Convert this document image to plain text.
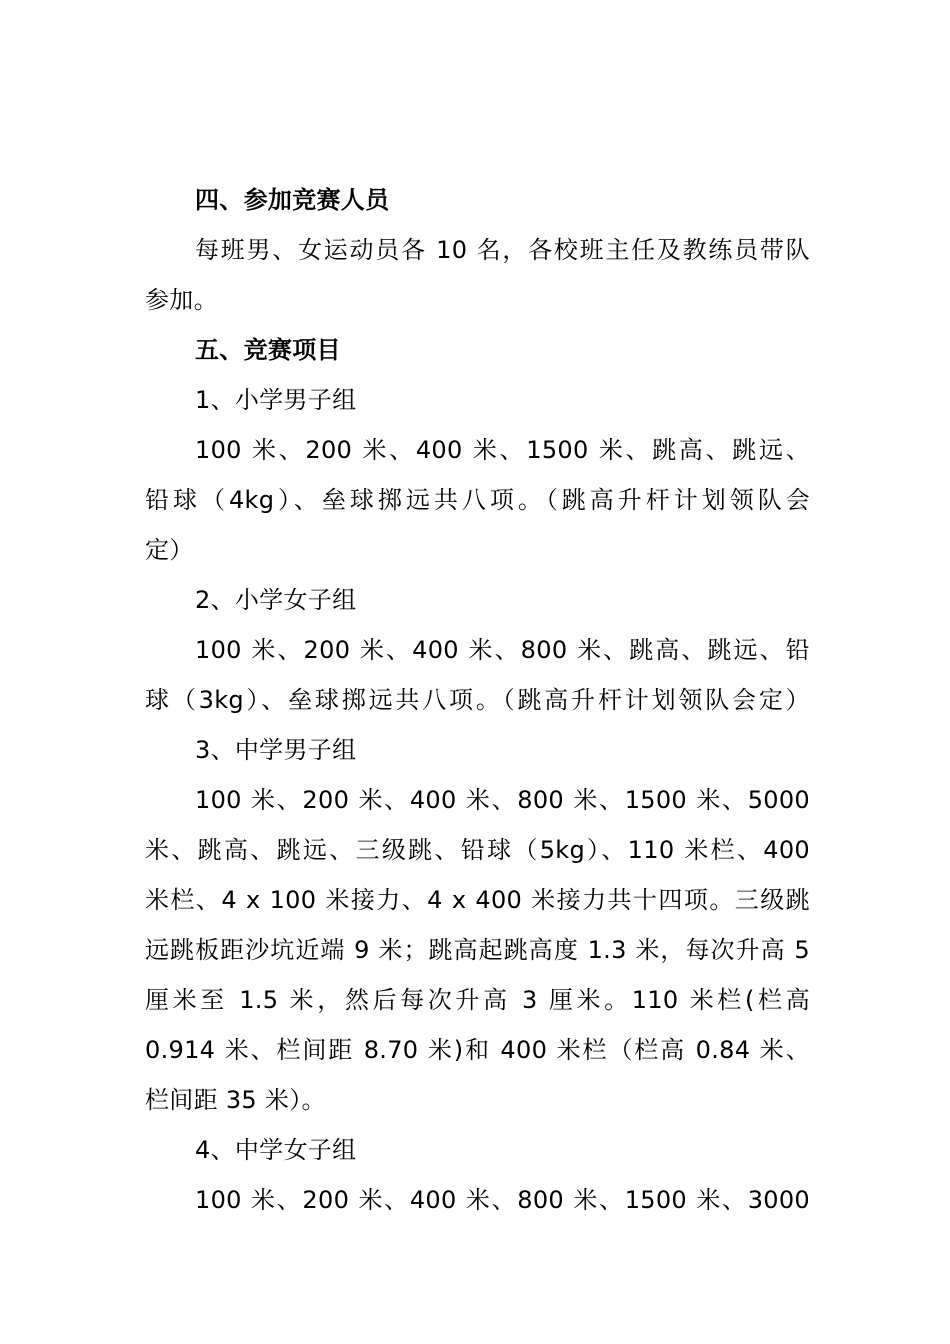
四、参加竞赛人员
每班男、女运动员各 10 名，各校班主任及教练员带队
参加。
五、竞赛项目
1、小学男子组
100 米、200 米、400 米、1500 米、跳高、跳远、
铅球（4kg）、垒球掷远共八项。（跳高升杆计划领队会
定）
2、小学女子组
100 米、200 米、400 米、800 米、跳高、跳远、铅
球（3kg）、垒球掷远共八项。（跳高升杆计划领队会定）
3、中学男子组
100 米、200 米、400 米、800 米、1500 米、5000
米、跳高、跳远、三级跳、铅球（5kg）、110 米栏、400
米栏、4 x 100 米接力、4 x 400 米接力共十四项。三级跳
远跳板距沙坑近端 9 米；跳高起跳高度 1.3 米，每次升高 5
厘米至 1.5 米，然后每次升高 3 厘米。110 米栏(栏高
0.914 米、栏间距 8.70 米)和 400 米栏（栏高 0.84 米、
栏间距 35 米）。
4、中学女子组
100 米、200 米、400 米、800 米、1500 米、3000
